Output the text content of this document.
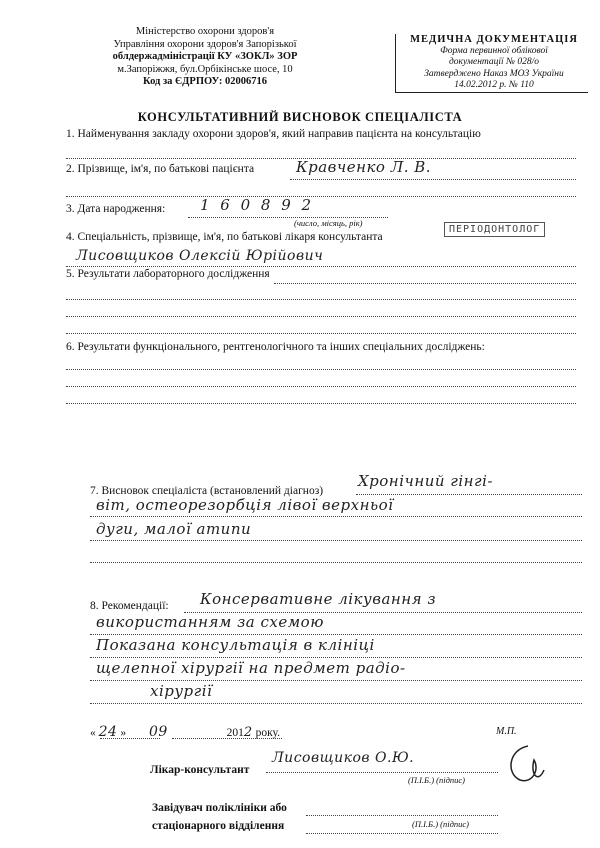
Міністерство охорони здоров'я
Управління охорони здоров'я Запорізької
облдержадміністрації КУ «ЗОКЛ» ЗОР
м.Запоріжжя, бул.Орбікінське шосе, 10
Код за ЄДРПОУ: 02006716
МЕДИЧНА ДОКУМЕНТАЦІЯ
Форма первинної облікової
документації № 028/о
Затверджено Наказ МОЗ України
14.02.2012 р. № 110
КОНСУЛЬТАТИВНИЙ ВИСНОВОК СПЕЦІАЛІСТА
1. Найменування закладу охорони здоров'я, який направив пацієнта на консультацію
2. Прізвище, ім'я, по батькові пацієнта	Кравченко Л. В.
3. Дата народження: 1 6 0 8 9 2
(число, місяць, рік)
4. Спеціальність, прізвище, ім'я, по батькові лікаря консультанта
ПЕРІОДОНТОЛОГ
Лисовщиков Олексій Юрійович
5. Результати лабораторного дослідження
6. Результати функціонального, рентгенологічного та інших спеціальних досліджень:
7. Висновок спеціаліста (встановлений діагноз)
Хронічний гінгі-
віт, остеорезорбція лівої верхньої
дуги, малої атипи
8. Рекомендації: Консервативне лікування з
використанням за схемою
Показана консультація в клініці
щелепної хірургії на предмет радіо-
хірургії
« 24 » 09	2012 року.	М.П.
Лікар-консультант
Лисовщиков О.Ю.
(П.І.Б.) (підпис)
Завідувач поліклініки або
стаціонарного відділення	(П.І.Б.) (підпис)
